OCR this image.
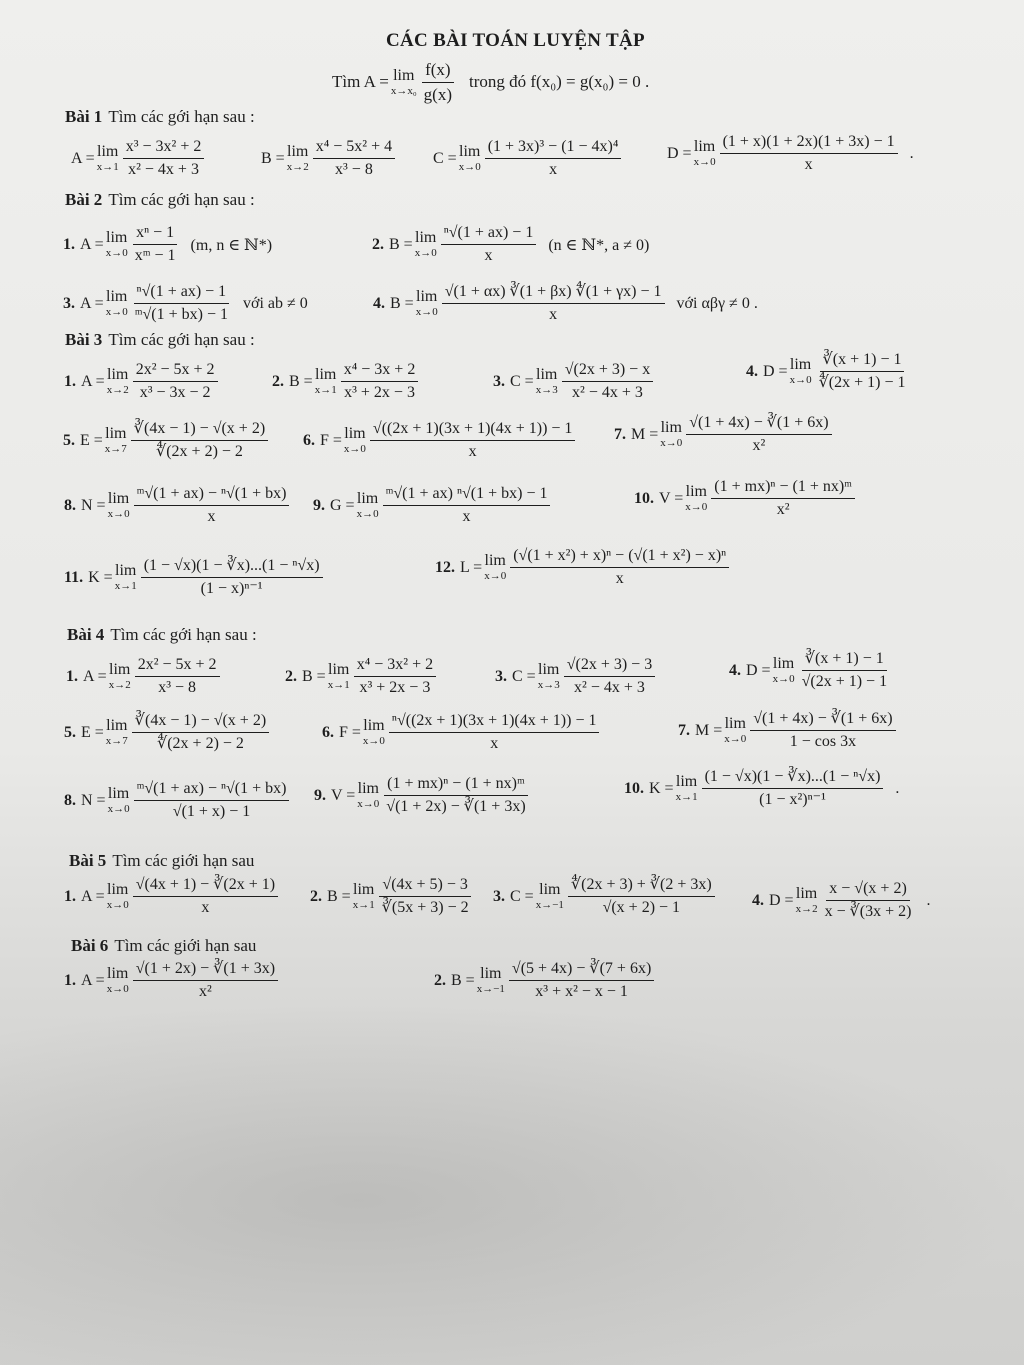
CÁC BÀI TOÁN LUYỆN TẬP
Tìm A = lim
$x\to x_0 \frac{f(x)}{g(x)}$ trong đó f(x₀) = g(x₀) = 0 .
Bài 1 Tìm các gới hạn sau :
A = lim
$x\to 1 \frac{\text{x³ − 3x² + 2}}{\text{x² − 4x + 3}}$	B = lim
$x\to 2 \frac{\text{x⁴ − 5x² + 4}}{\text{x³ − 8}}$ C = lim
$x\to 0 \frac{\text{(1 + 3x)³ − (1 − 4x)⁴}}{x}$	D = lim
$x\to 0 \frac{(1 + x)(1 + 2x)(1 + 3x) - 1}{x}$ .
Bài 2 Tìm các gới hạn sau :
1. A = lim
$x\to 0 \frac{\text{xⁿ − 1}}{\text{xᵐ − 1}} (m$, n ∈ ℕ*)	2. B = lim
$x\to 0 \frac{\text{ⁿ√(1 + ax) − 1}}{x} (n$ ∈ ℕ*, a ≠ 0)
3. A = lim
$x\to 0 \frac{\text{ⁿ√(1 + ax) − 1}}{\text{ᵐ√(1 + bx) − 1}}$ với ab ≠ 0	4. B = lim
$x\to 0 \frac{√(1 + \alpha x) ∛(1 + \beta x) ∜(1 + \gamma x) - 1}{x}$ với αβγ ≠ 0 .
Bài 3 Tìm các gới hạn sau :
1. A = lim
$x\to 2 \frac{\text{2x² − 5x + 2}}{\text{x³ − 3x − 2}}$	2. B = lim
$x\to 1 \frac{\text{x⁴ − 3x + 2}}{\text{x³ + 2x − 3}}$	3. C = lim
$x\to 3 \frac{√(2x + 3) - x}{\text{x² − 4x + 3}}$	4. D = lim
$x\to 0 \frac{∛(x + 1) - 1}{∜(2x + 1) - 1}$
5. E = lim
$x\to 7 \frac{∛(4x - 1) - √(x + 2)}{∜(2x + 2) - 2} 6$. F = lim
$x\to 0 \frac{√((2x + 1)(3x + 1)(4x + 1)) - 1}{x} 7$. M = lim
$x\to 0 \frac{√(1 + 4x) - ∛(1 + 6x)}{\text{x²}}$
8. N = lim
$x\to 0 \frac{\text{ᵐ√(1 + ax) − ⁿ√(1 + bx)}}{x} 9$. G = lim
$x\to 0 \frac{\text{ᵐ√(1 + ax) ⁿ√(1 + bx) − 1}}{x}$	10. V = lim
$x\to 0 \frac{\text{(1 + mx)ⁿ − (1 + nx)ᵐ}}{\text{x²}}$
11. K = lim
$x\to 1 \frac{\text{(1 − √x)(1 − ∛x)...(1 − ⁿ√x)}}{\text{(1 − x)ⁿ⁻¹}}$	12. L = lim
$x\to 0 \frac{\text{(√(1 + x²) + x)ⁿ − (√(1 + x²) − x)ⁿ}}{x}$
Bài 4 Tìm các gới hạn sau :
1. A = lim
$x\to 2 \frac{\text{2x² − 5x + 2}}{\text{x³ − 8}}$	2. B = lim
$x\to 1 \frac{\text{x⁴ − 3x² + 2}}{\text{x³ + 2x − 3}}$	3. C = lim
$x\to 3 \frac{√(2x + 3) - 3}{\text{x² − 4x + 3}}$	4. D = lim
$x\to 0 \frac{∛(x + 1) - 1}{√(2x + 1) - 1}$
5. E = lim
$x\to 7 \frac{∛(4x - 1) - √(x + 2)}{∜(2x + 2) - 2}$	6. F = lim
$x\to 0 \frac{\text{ⁿ√((2x + 1)(3x + 1)(4x + 1)) − 1}}{x}$	7. M = lim
$x\to 0 \frac{√(1 + 4x) - ∛(1 + 6x)}{1 - \cos 3x}$
8. N = lim
$x\to 0 \frac{\text{ᵐ√(1 + ax) − ⁿ√(1 + bx)}}{√(1 + x) - 1} 9$. V = lim
$x\to 0 \frac{\text{(1 + mx)ⁿ − (1 + nx)ᵐ}}{√(1 + 2x) - ∛(1 + 3x)}$	10. K = lim
$x\to 1 \frac{\text{(1 − √x)(1 − ∛x)...(1 − ⁿ√x)}}{\text{(1 − x²)ⁿ⁻¹}}$ .
Bài 5 Tìm các giới hạn sau
1. A = lim
$x\to 0 \frac{√(4x + 1) - ∛(2x + 1)}{x} 2$. B = lim
$x\to 1 \frac{√(4x + 5) - 3}{∛(5x + 3) - 2} 3$. C = lim
$x\to-1 \frac{∜(2x + 3) + ∛(2 + 3x)}{√(x + 2) - 1} 4$. D = lim
$x\to 2 \frac{x - √(x + 2)}{x - ∛(3x + 2)}$ .
Bài 6 Tìm các giới hạn sau
1. A = lim
$x\to 0 \frac{√(1 + 2x) - ∛(1 + 3x)}{\text{x²}}$	2. B = lim
$x\to-1 \frac{√(5 + 4x) - ∛(7 + 6x)}{\text{x³ + x² − x − 1}}$
